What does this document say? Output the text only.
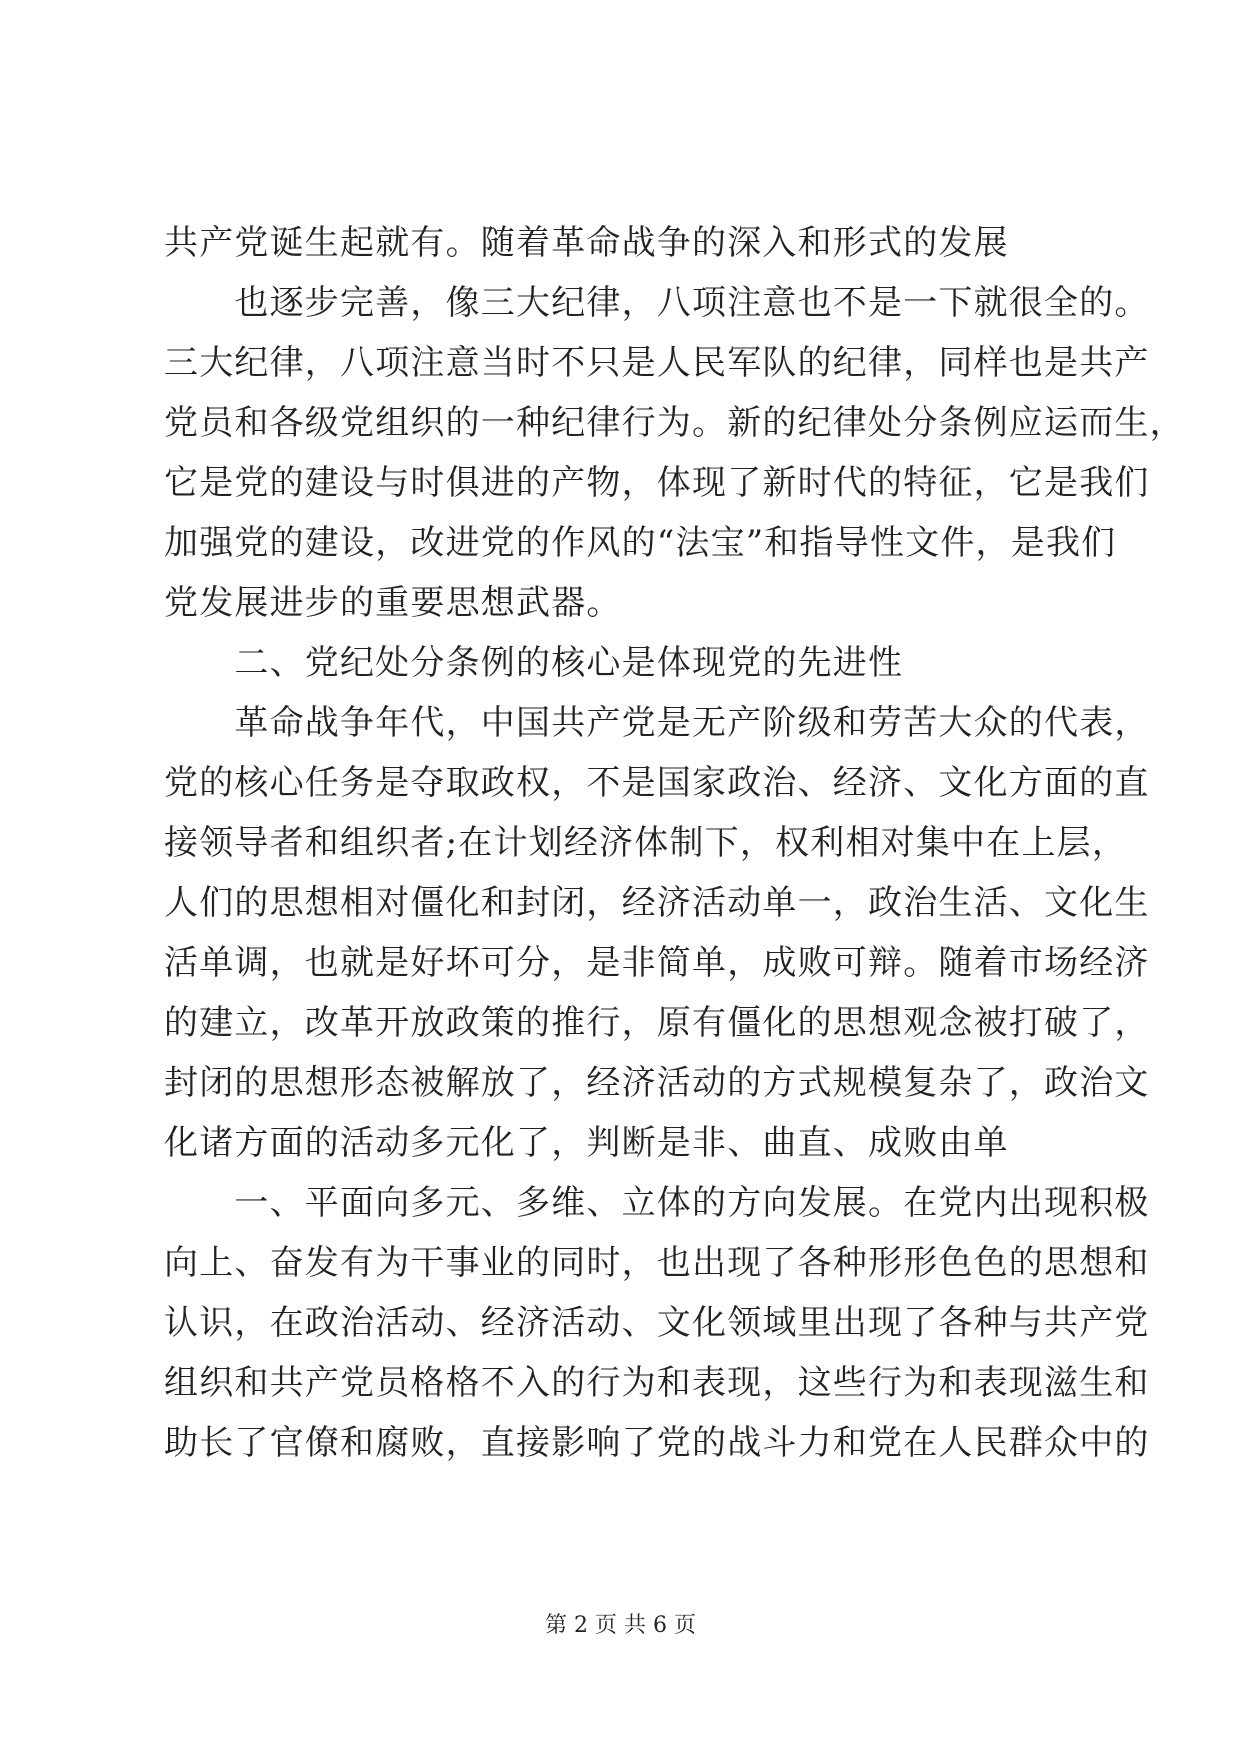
共产党诞生起就有。随着革命战争的深入和形式的发展
　　也逐步完善，像三大纪律，八项注意也不是一下就很全的。
三大纪律，八项注意当时不只是人民军队的纪律，同样也是共产
党员和各级党组织的一种纪律行为。新的纪律处分条例应运而生，
它是党的建设与时俱进的产物，体现了新时代的特征，它是我们
加强党的建设，改进党的作风的“法宝”和指导性文件，是我们
党发展进步的重要思想武器。
　　二、党纪处分条例的核心是体现党的先进性
　　革命战争年代，中国共产党是无产阶级和劳苦大众的代表，
党的核心任务是夺取政权，不是国家政治、经济、文化方面的直
接领导者和组织者;在计划经济体制下，权利相对集中在上层，
人们的思想相对僵化和封闭，经济活动单一，政治生活、文化生
活单调，也就是好坏可分，是非简单，成败可辩。随着市场经济
的建立，改革开放政策的推行，原有僵化的思想观念被打破了，
封闭的思想形态被解放了，经济活动的方式规模复杂了，政治文
化诸方面的活动多元化了，判断是非、曲直、成败由单
　　一、平面向多元、多维、立体的方向发展。在党内出现积极
向上、奋发有为干事业的同时，也出现了各种形形色色的思想和
认识，在政治活动、经济活动、文化领域里出现了各种与共产党
组织和共产党员格格不入的行为和表现，这些行为和表现滋生和
助长了官僚和腐败，直接影响了党的战斗力和党在人民群众中的
第 2 页 共 6 页
